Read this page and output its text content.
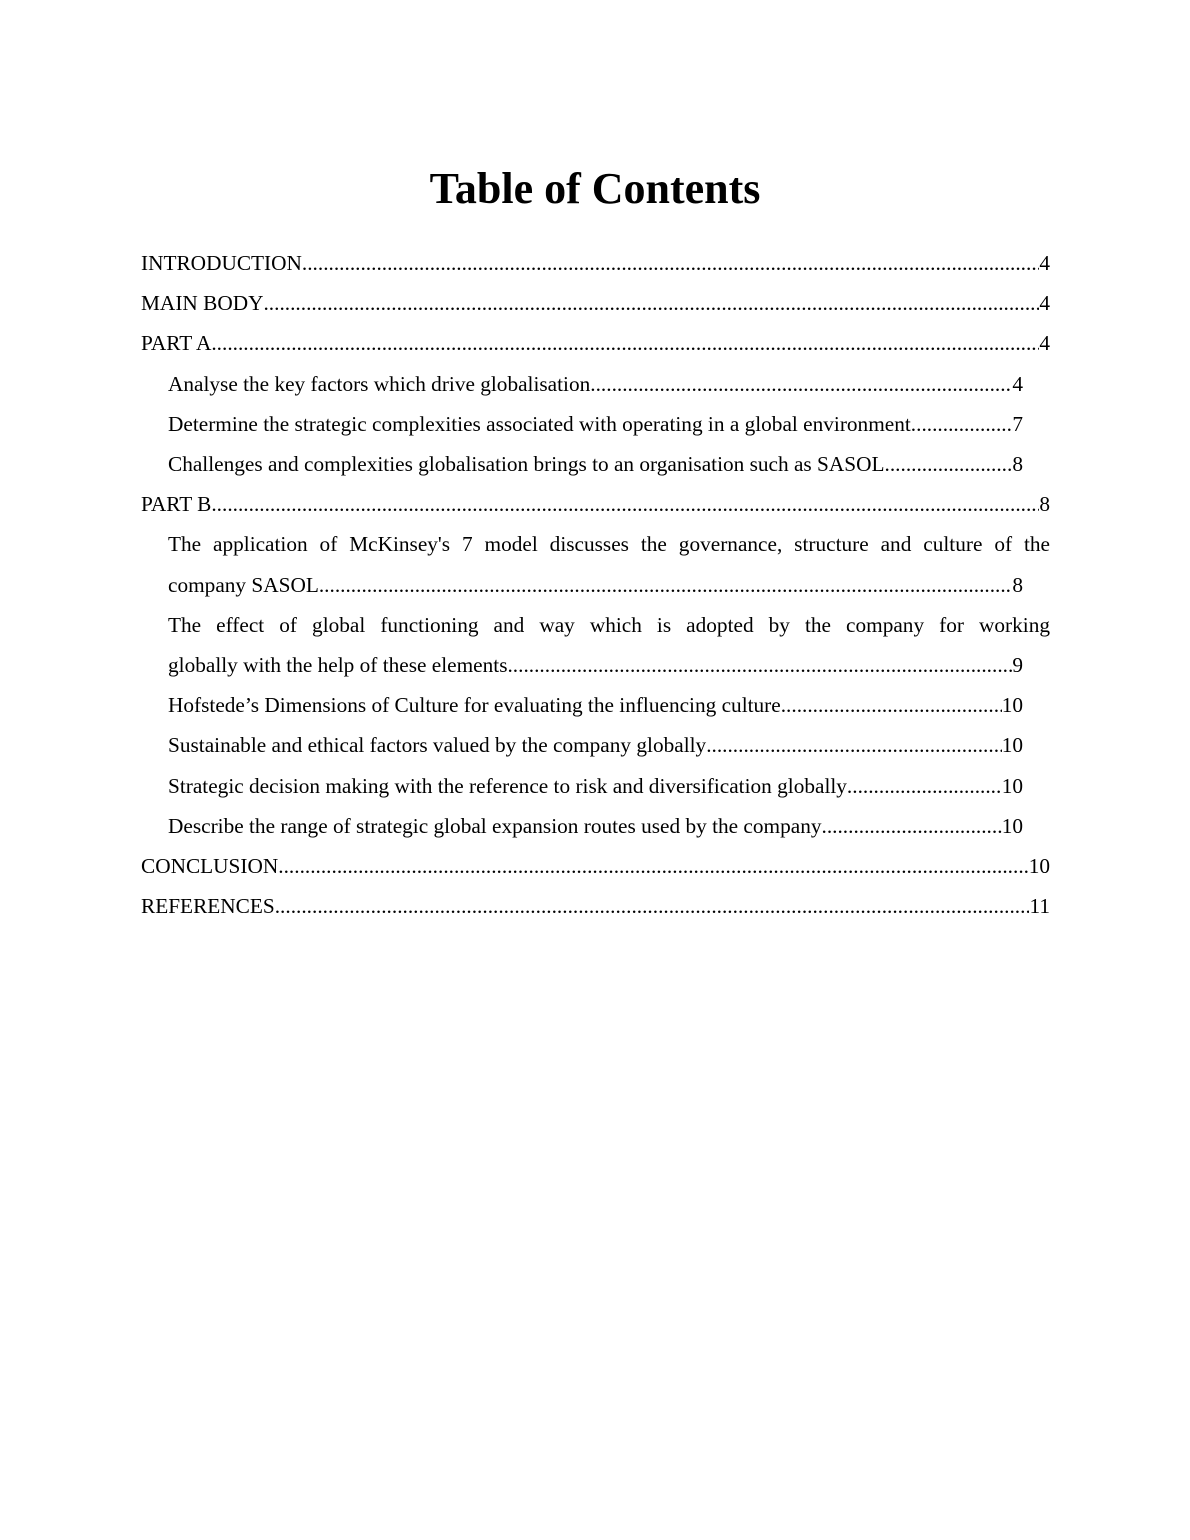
Table of Contents
INTRODUCTION .....	4
MAIN BODY .....	4
PART A .....	4
Analyse the key factors which drive globalisation .....	4
Determine the strategic complexities associated with operating in a global environment .....	7
Challenges and complexities globalisation brings to an organisation such as SASOL .....	8
PART B .....	8
The application of McKinsey's 7 model discusses the governance, structure and culture of the
company SASOL .....	8
The effect of global functioning and way which is adopted by the company for working
globally with the help of these elements .....	9
Hofstede’s Dimensions of Culture for evaluating the influencing culture .....	10
Sustainable and ethical factors valued by the company globally .....	10
Strategic decision making with the reference to risk and diversification globally .....	10
Describe the range of strategic global expansion routes used by the company .....	10
CONCLUSION .....	10
REFERENCES .....	11
